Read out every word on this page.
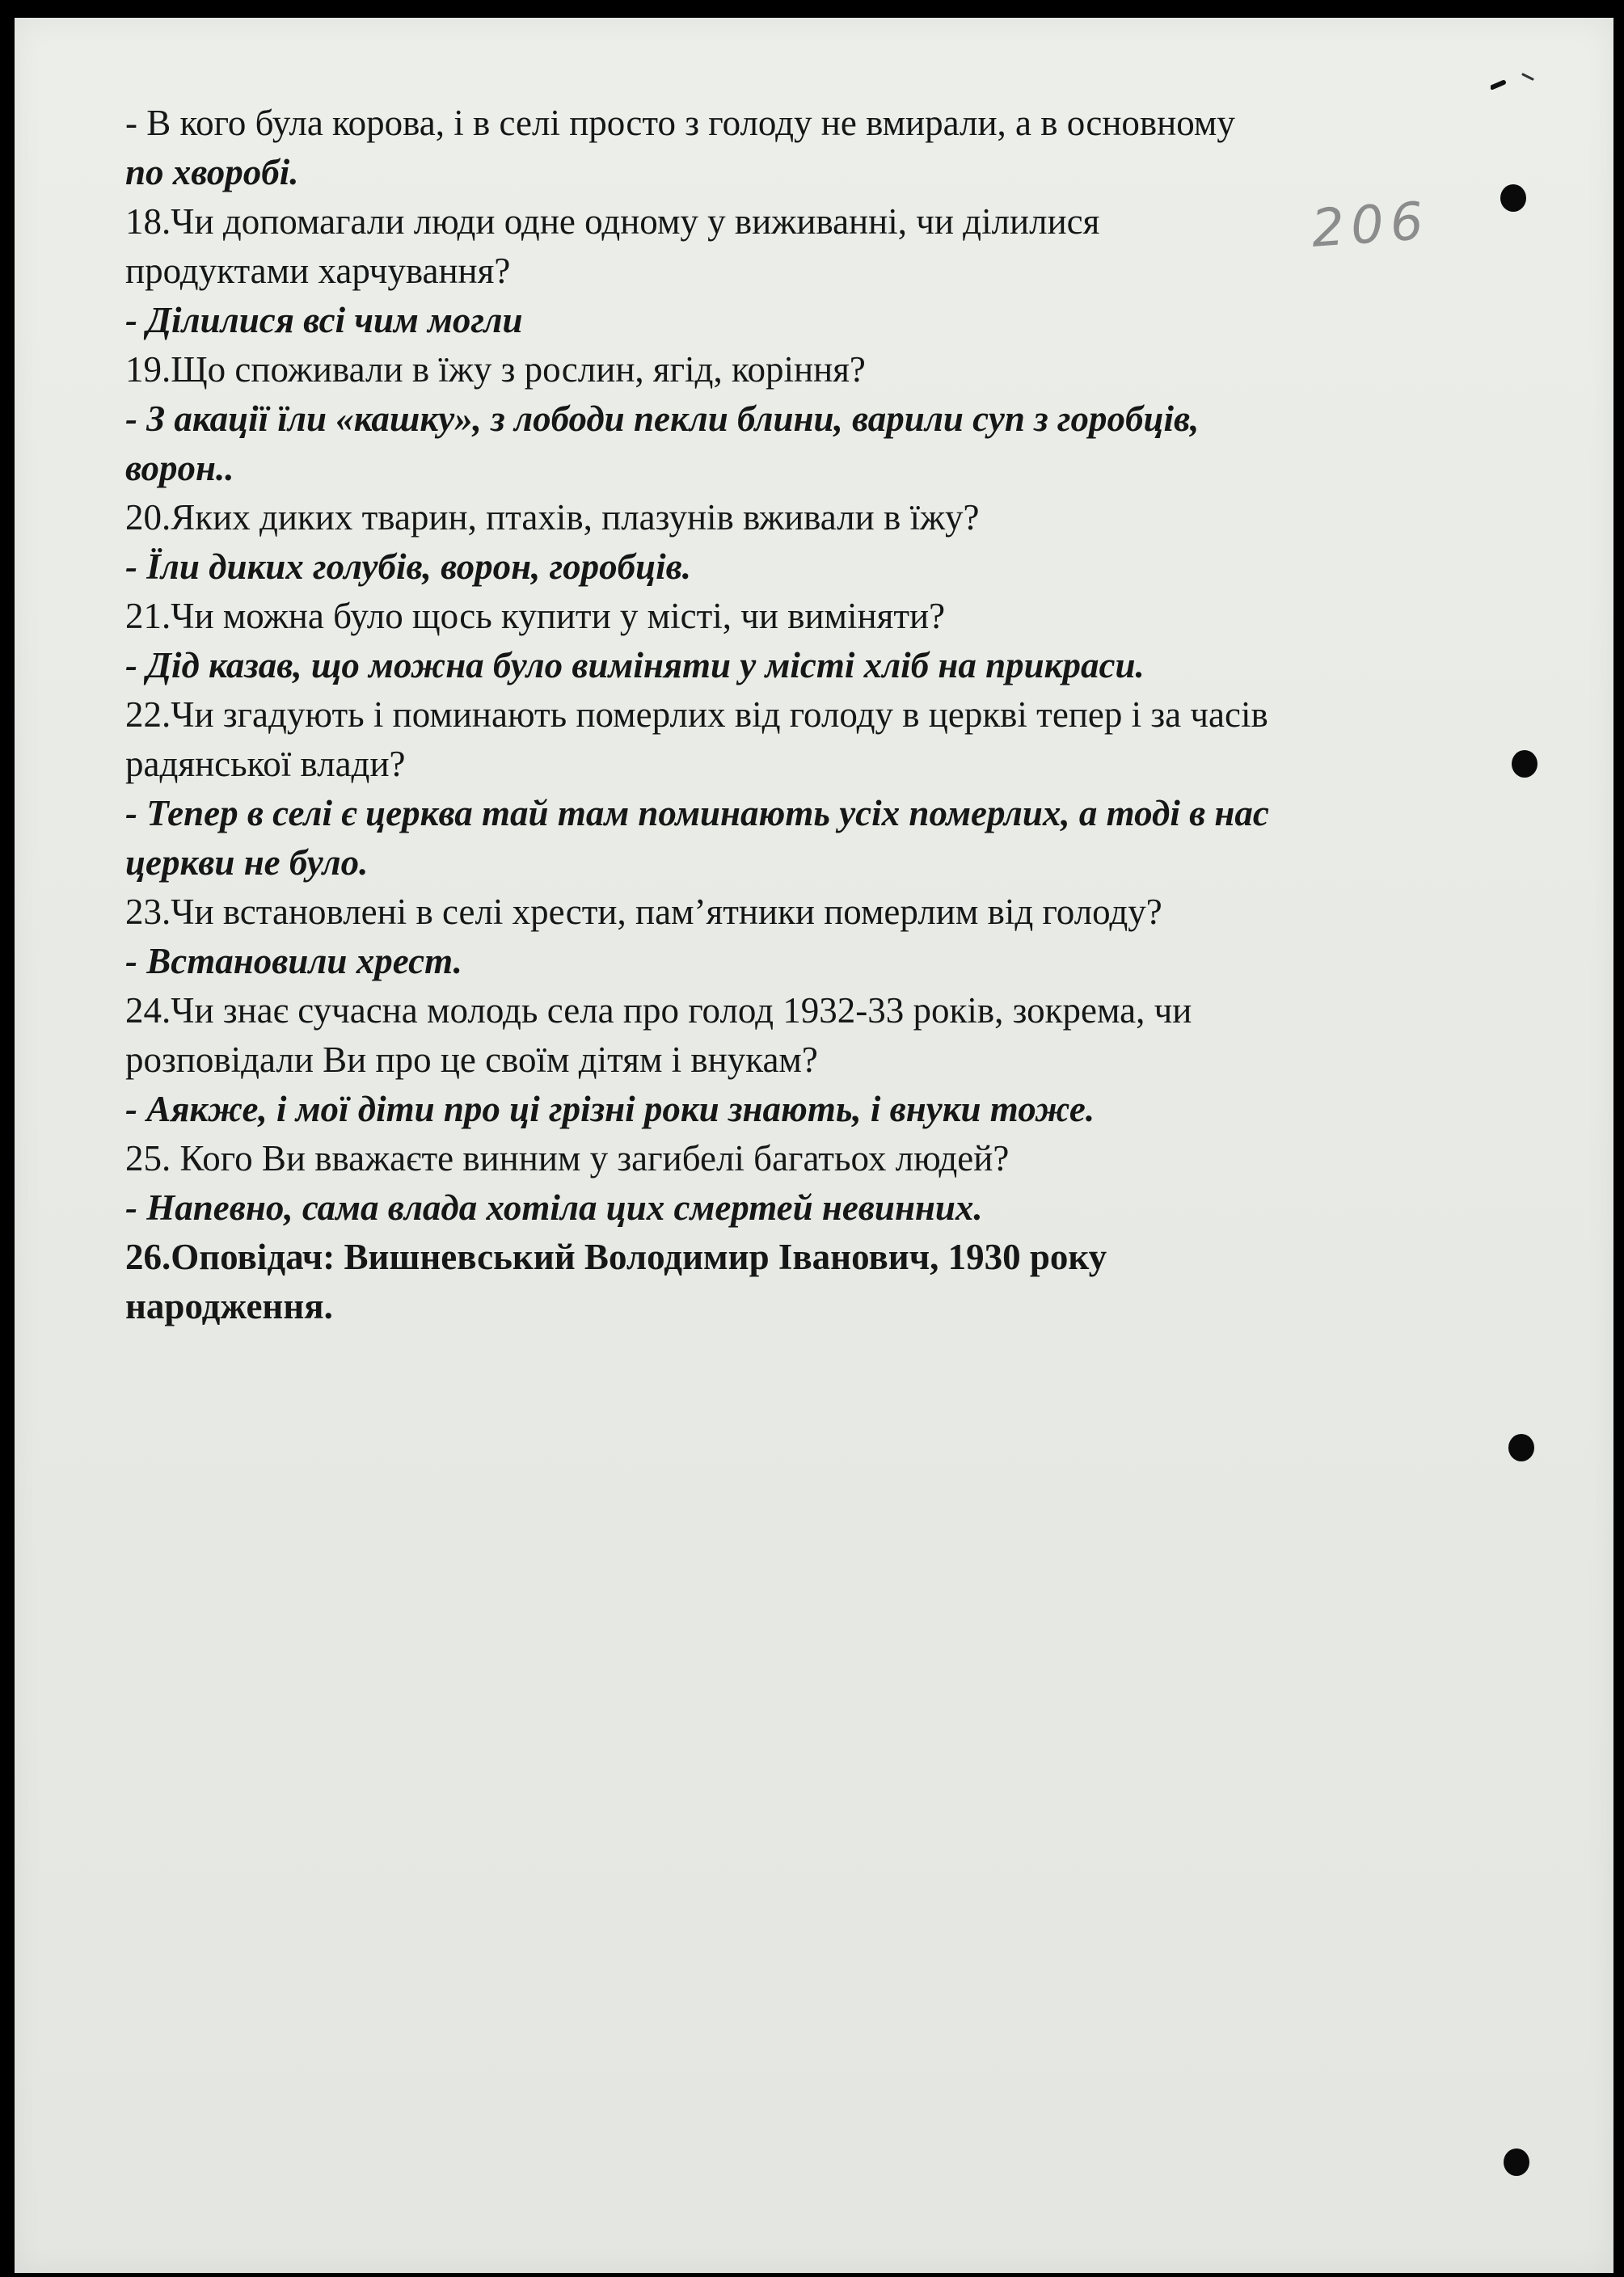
- В кого була корова, і в селі просто з голоду не вмирали, а в основному

по хворобі.

18.Чи допомагали люди одне одному у виживанні, чи ділилися

продуктами харчування?

- Ділилися всі чим могли

19.Що споживали в їжу з рослин, ягід, коріння?

- З акації їли «кашку», з лободи пекли блини, варили суп з горобців,

ворон..

20.Яких диких тварин, птахів, плазунів вживали в їжу?

- Їли диких голубів, ворон, горобців.

21.Чи можна було щось купити у місті, чи виміняти?

- Дід казав, що можна було виміняти у місті хліб на прикраси.

22.Чи згадують і поминають померлих від голоду в церкві тепер і за часів

радянської влади?

- Тепер в селі є церква тай там поминають усіх померлих, а тоді в нас

церкви не було.

23.Чи встановлені в селі хрести, пам’ятники померлим від голоду?

- Встановили хрест.

24.Чи знає сучасна молодь села про голод 1932-33 років, зокрема, чи

розповідали Ви про це своїм дітям і внукам?

- Аякже, і мої діти про ці грізні роки знають, і внуки тоже.

25. Кого Ви вважаєте винним у загибелі багатьох людей?

- Напевно, сама влада хотіла цих смертей невинних.

26.Оповідач: Вишневський Володимир Іванович, 1930 року

народження.

206
